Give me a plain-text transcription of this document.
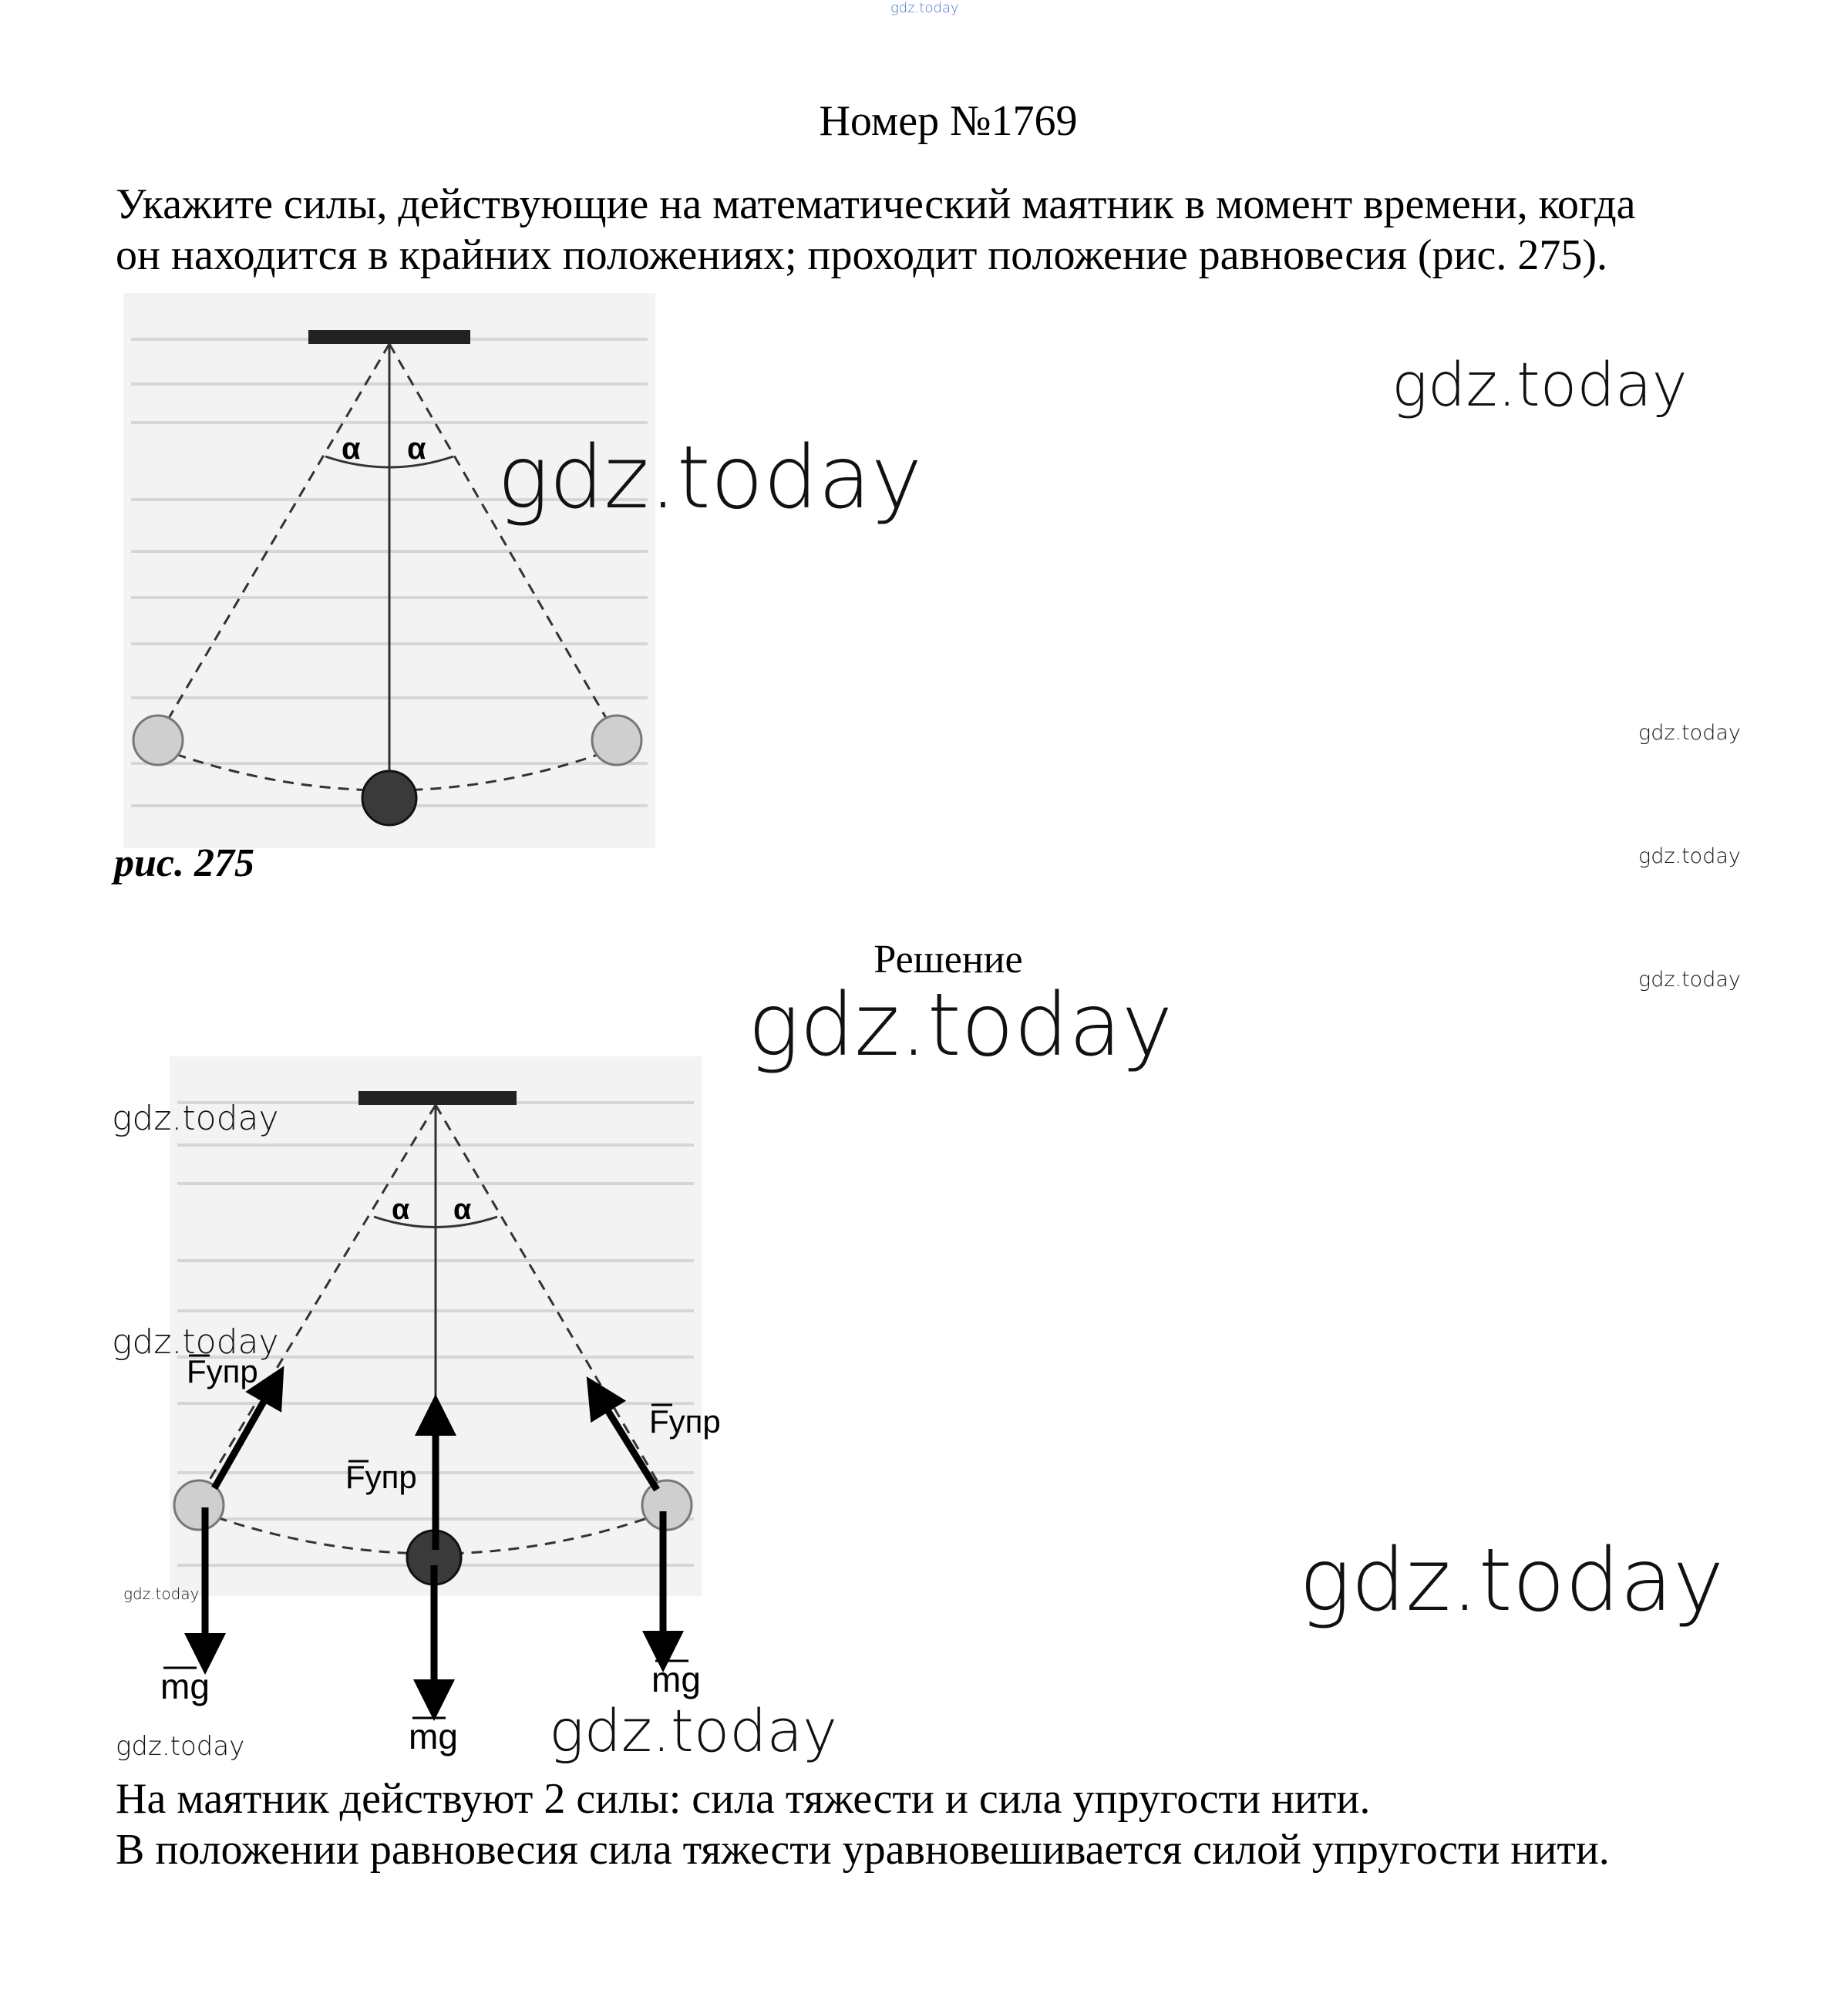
gdz.today
Номер №1769
Укажите силы, действующие на математический маятник в момент времени, когда
он находится в крайних положениях; проходит положение равновесия (рис. 275).
α α
рис. 275
Решение
α α
Fупр
Fупр
Fупр
mg
mg
mg
На маятник действуют 2 силы: сила тяжести и сила упругости нити.
В положении равновесия сила тяжести уравновешивается силой упругости нити.
gdz.today
gdz.today
gdz.today
gdz.today
gdz.today
gdz.today
gdz.today
gdz.today
gdz.today	gdz.today
gdz.today	gdz.today
